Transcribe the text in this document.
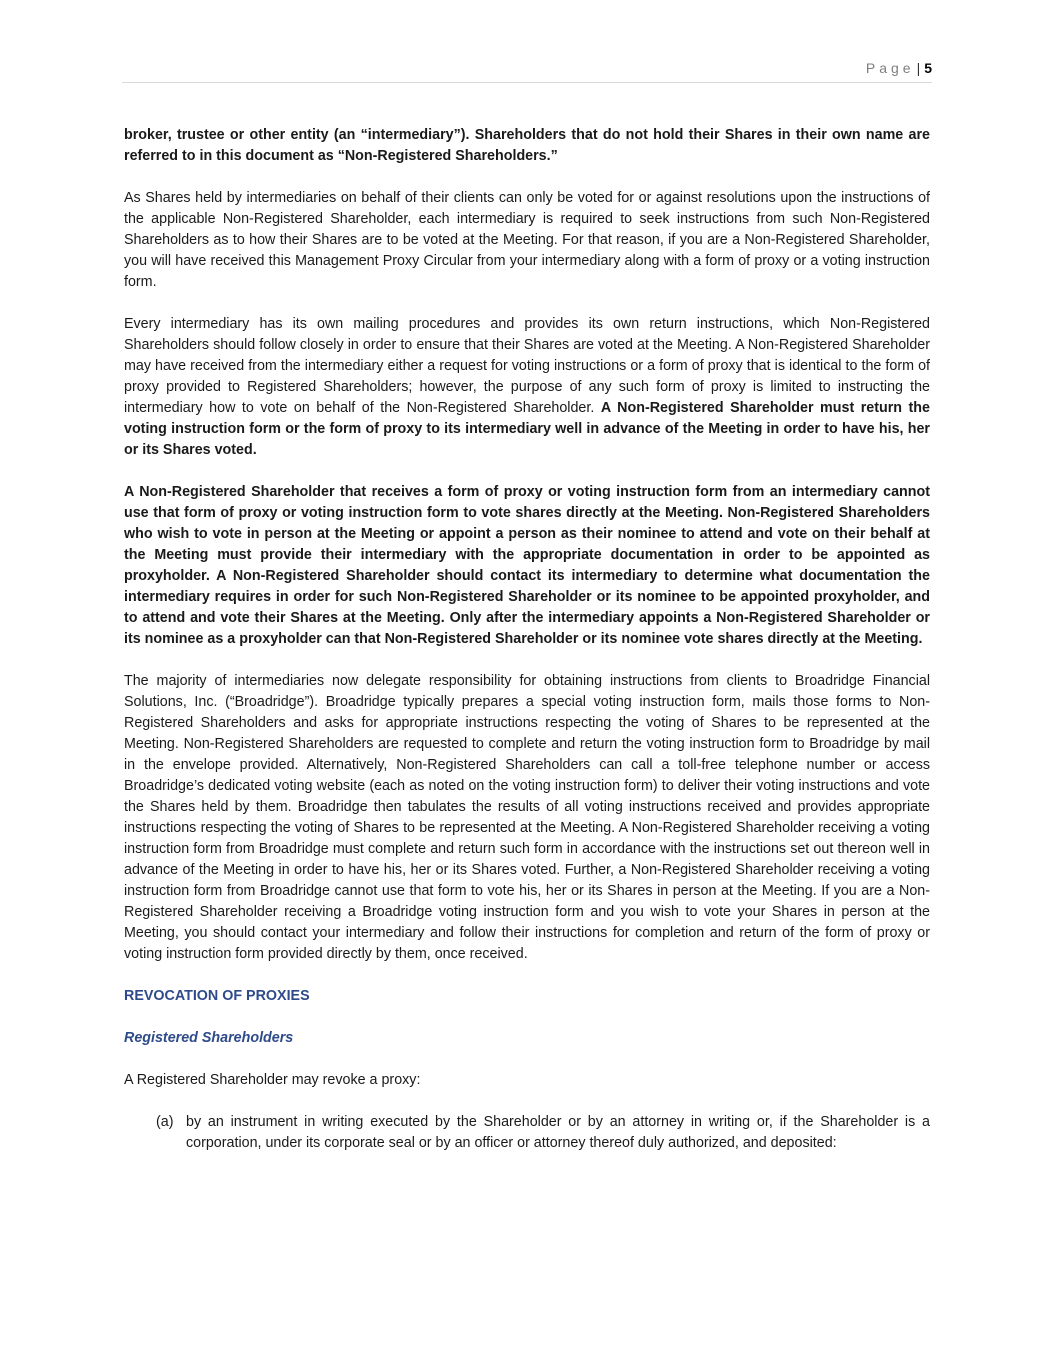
Page | 5

broker, trustee or other entity (an “intermediary”). Shareholders that do not hold their Shares in their own name are referred to in this document as “Non-Registered Shareholders.”

As Shares held by intermediaries on behalf of their clients can only be voted for or against resolutions upon the instructions of the applicable Non-Registered Shareholder, each intermediary is required to seek instructions from such Non-Registered Shareholders as to how their Shares are to be voted at the Meeting. For that reason, if you are a Non-Registered Shareholder, you will have received this Management Proxy Circular from your intermediary along with a form of proxy or a voting instruction form.

Every intermediary has its own mailing procedures and provides its own return instructions, which Non-Registered Shareholders should follow closely in order to ensure that their Shares are voted at the Meeting. A Non-Registered Shareholder may have received from the intermediary either a request for voting instructions or a form of proxy that is identical to the form of proxy provided to Registered Shareholders; however, the purpose of any such form of proxy is limited to instructing the intermediary how to vote on behalf of the Non-Registered Shareholder. A Non-Registered Shareholder must return the voting instruction form or the form of proxy to its intermediary well in advance of the Meeting in order to have his, her or its Shares voted.

A Non-Registered Shareholder that receives a form of proxy or voting instruction form from an intermediary cannot use that form of proxy or voting instruction form to vote shares directly at the Meeting. Non-Registered Shareholders who wish to vote in person at the Meeting or appoint a person as their nominee to attend and vote on their behalf at the Meeting must provide their intermediary with the appropriate documentation in order to be appointed as proxyholder. A Non-Registered Shareholder should contact its intermediary to determine what documentation the intermediary requires in order for such Non-Registered Shareholder or its nominee to be appointed proxyholder, and to attend and vote their Shares at the Meeting. Only after the intermediary appoints a Non-Registered Shareholder or its nominee as a proxyholder can that Non-Registered Shareholder or its nominee vote shares directly at the Meeting.

The majority of intermediaries now delegate responsibility for obtaining instructions from clients to Broadridge Financial Solutions, Inc. (“Broadridge”). Broadridge typically prepares a special voting instruction form, mails those forms to Non-Registered Shareholders and asks for appropriate instructions respecting the voting of Shares to be represented at the Meeting. Non-Registered Shareholders are requested to complete and return the voting instruction form to Broadridge by mail in the envelope provided. Alternatively, Non-Registered Shareholders can call a toll-free telephone number or access Broadridge’s dedicated voting website (each as noted on the voting instruction form) to deliver their voting instructions and vote the Shares held by them. Broadridge then tabulates the results of all voting instructions received and provides appropriate instructions respecting the voting of Shares to be represented at the Meeting. A Non-Registered Shareholder receiving a voting instruction form from Broadridge must complete and return such form in accordance with the instructions set out thereon well in advance of the Meeting in order to have his, her or its Shares voted. Further, a Non-Registered Shareholder receiving a voting instruction form from Broadridge cannot use that form to vote his, her or its Shares in person at the Meeting. If you are a Non-Registered Shareholder receiving a Broadridge voting instruction form and you wish to vote your Shares in person at the Meeting, you should contact your intermediary and follow their instructions for completion and return of the form of proxy or voting instruction form provided directly by them, once received.

REVOCATION OF PROXIES
Registered Shareholders

A Registered Shareholder may revoke a proxy:

(a) by an instrument in writing executed by the Shareholder or by an attorney in writing or, if the Shareholder is a corporation, under its corporate seal or by an officer or attorney thereof duly authorized, and deposited:
